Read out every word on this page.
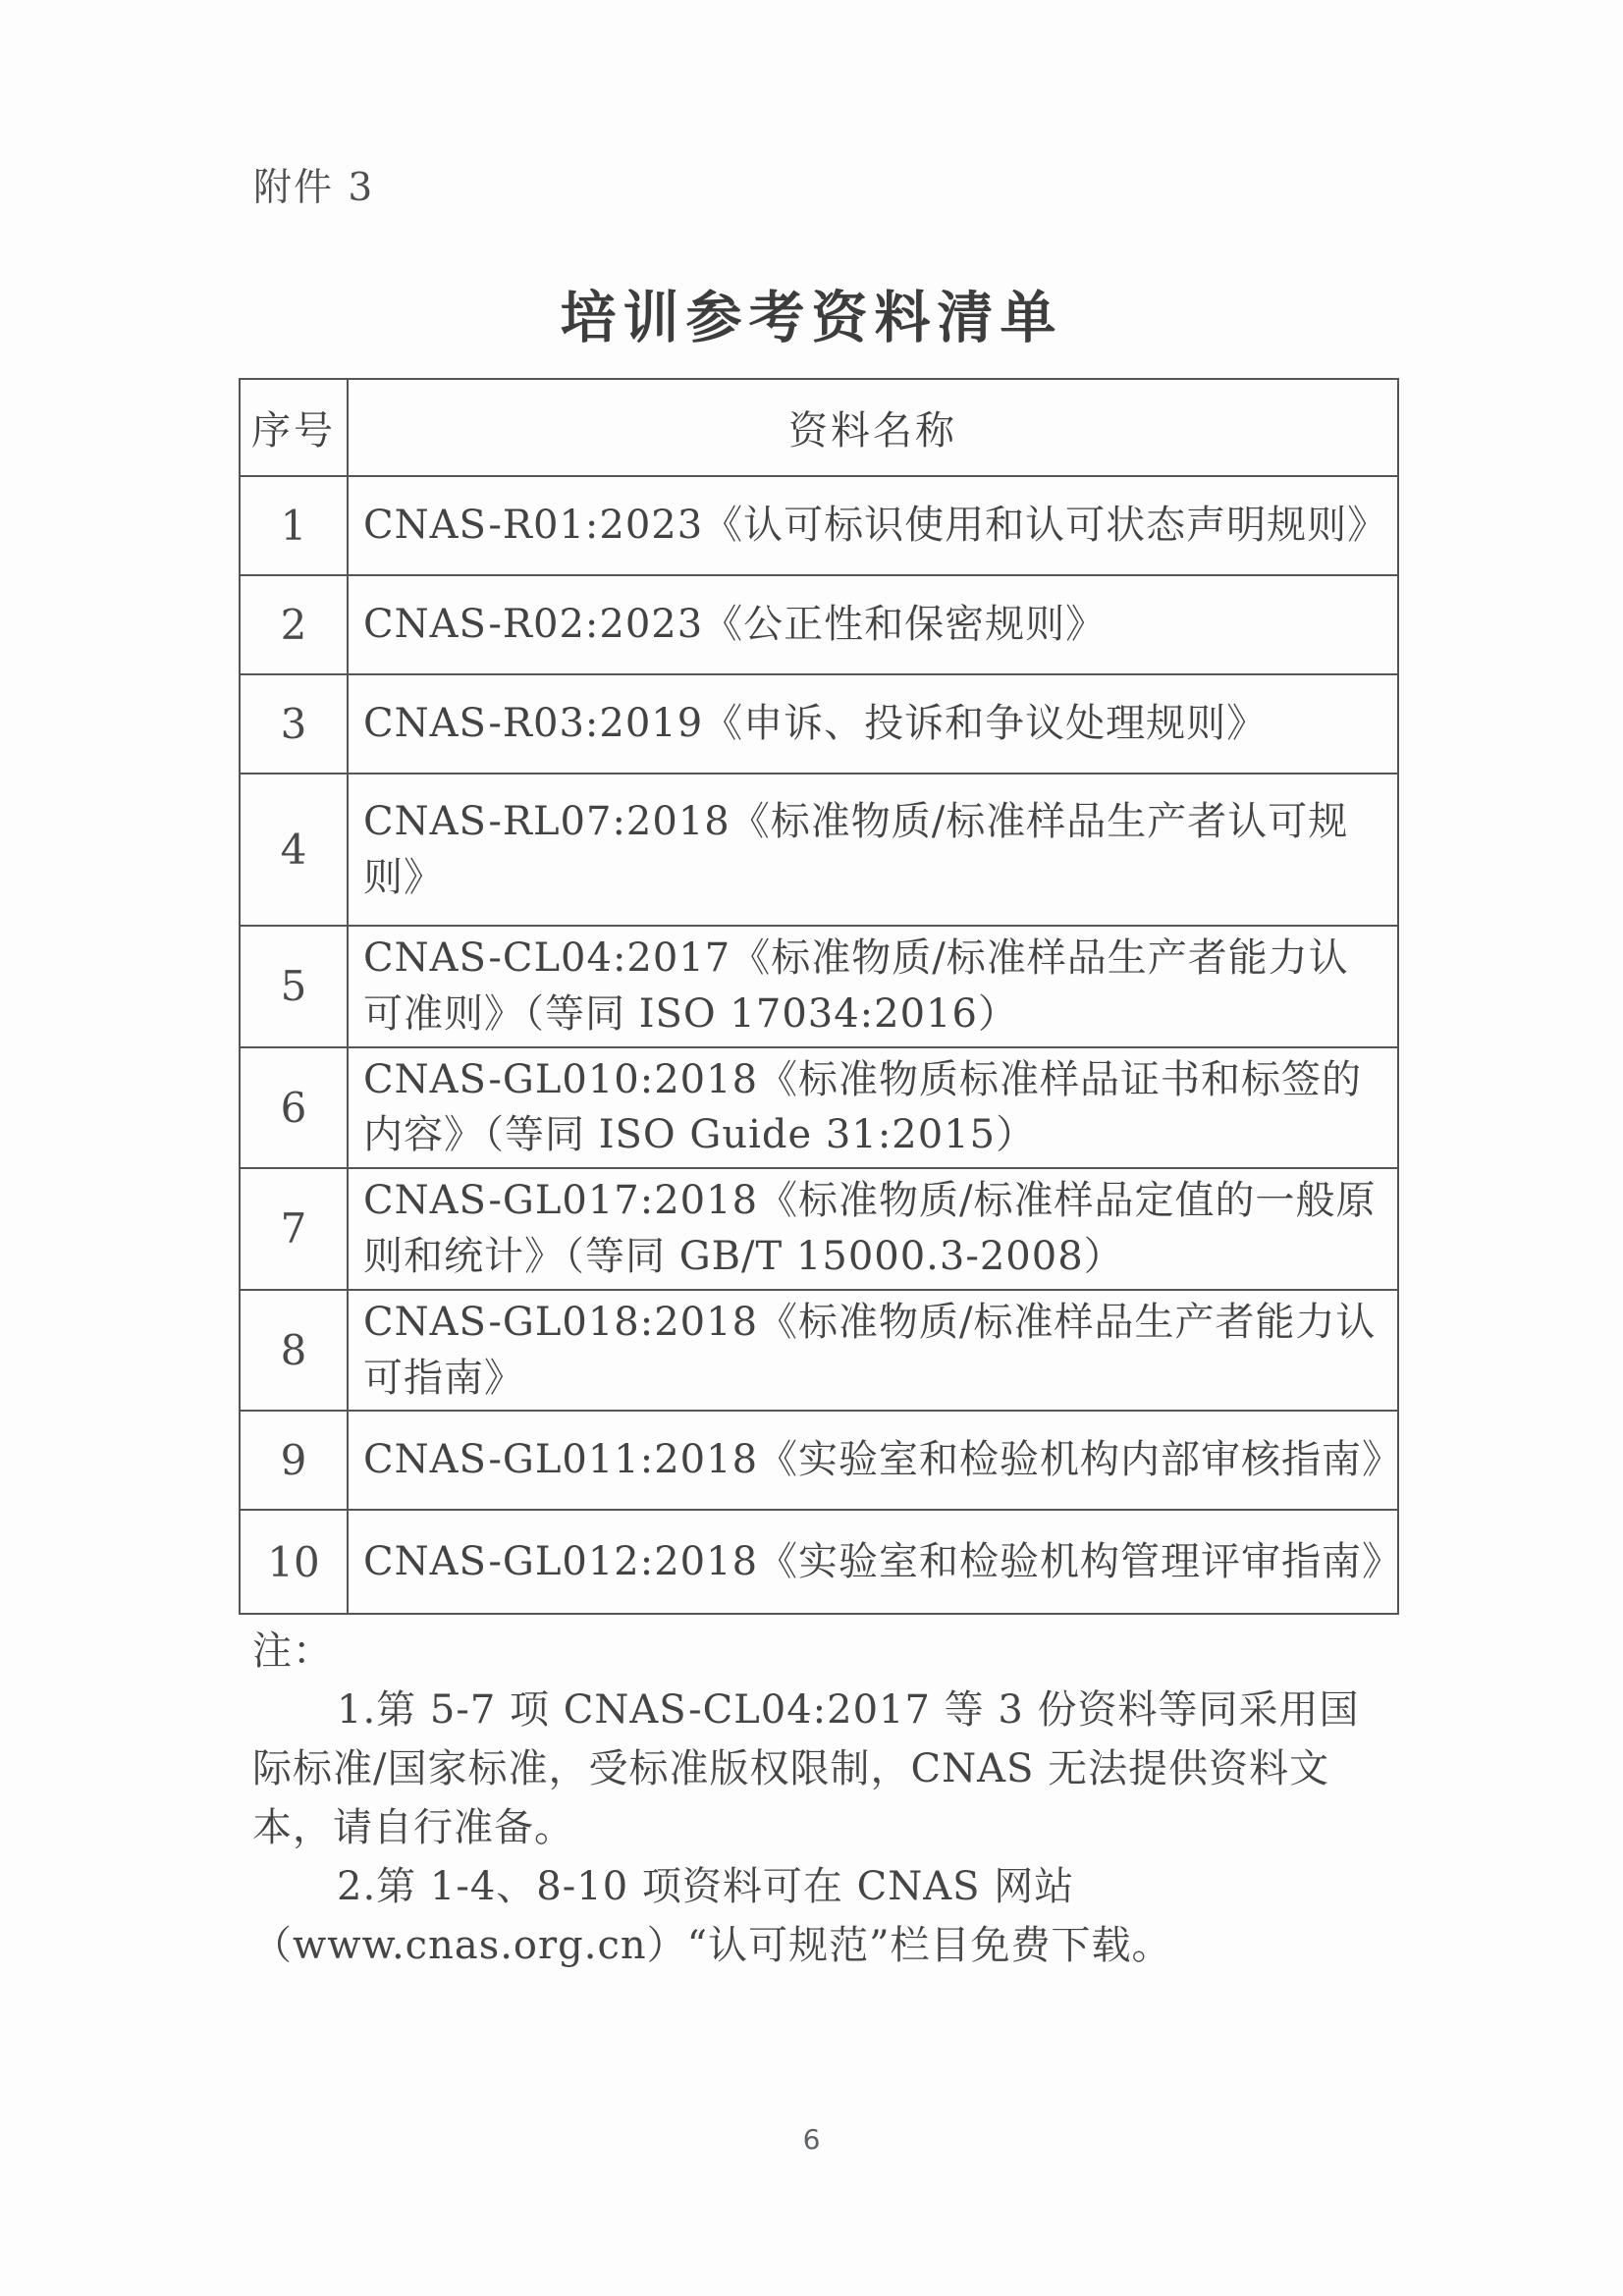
附件 3
培训参考资料清单
序号	资料名称
1	CNAS-R01:2023《认可标识使用和认可状态声明规则》
2	CNAS-R02:2023《公正性和保密规则》
3	CNAS-R03:2019《申诉、投诉和争议处理规则》
4	CNAS-RL07:2018《标准物质/标准样品生产者认可规则》
5	CNAS-CL04:2017《标准物质/标准样品生产者能力认可准则》（等同 ISO 17034:2016）
6	CNAS-GL010:2018《标准物质标准样品证书和标签的内容》（等同 ISO Guide 31:2015）
7	CNAS-GL017:2018《标准物质/标准样品定值的一般原则和统计》（等同 GB/T 15000.3-2008）
8	CNAS-GL018:2018《标准物质/标准样品生产者能力认可指南》
9	CNAS-GL011:2018《实验室和检验机构内部审核指南》
10	CNAS-GL012:2018《实验室和检验机构管理评审指南》

注：

1.第 5-7 项 CNAS-CL04:2017 等 3 份资料等同采用国际标准/国家标准，受标准版权限制，CNAS 无法提供资料文本，请自行准备。

2.第 1-4、8-10 项资料可在 CNAS 网站（www.cnas.org.cn）“认可规范”栏目免费下载。

6
